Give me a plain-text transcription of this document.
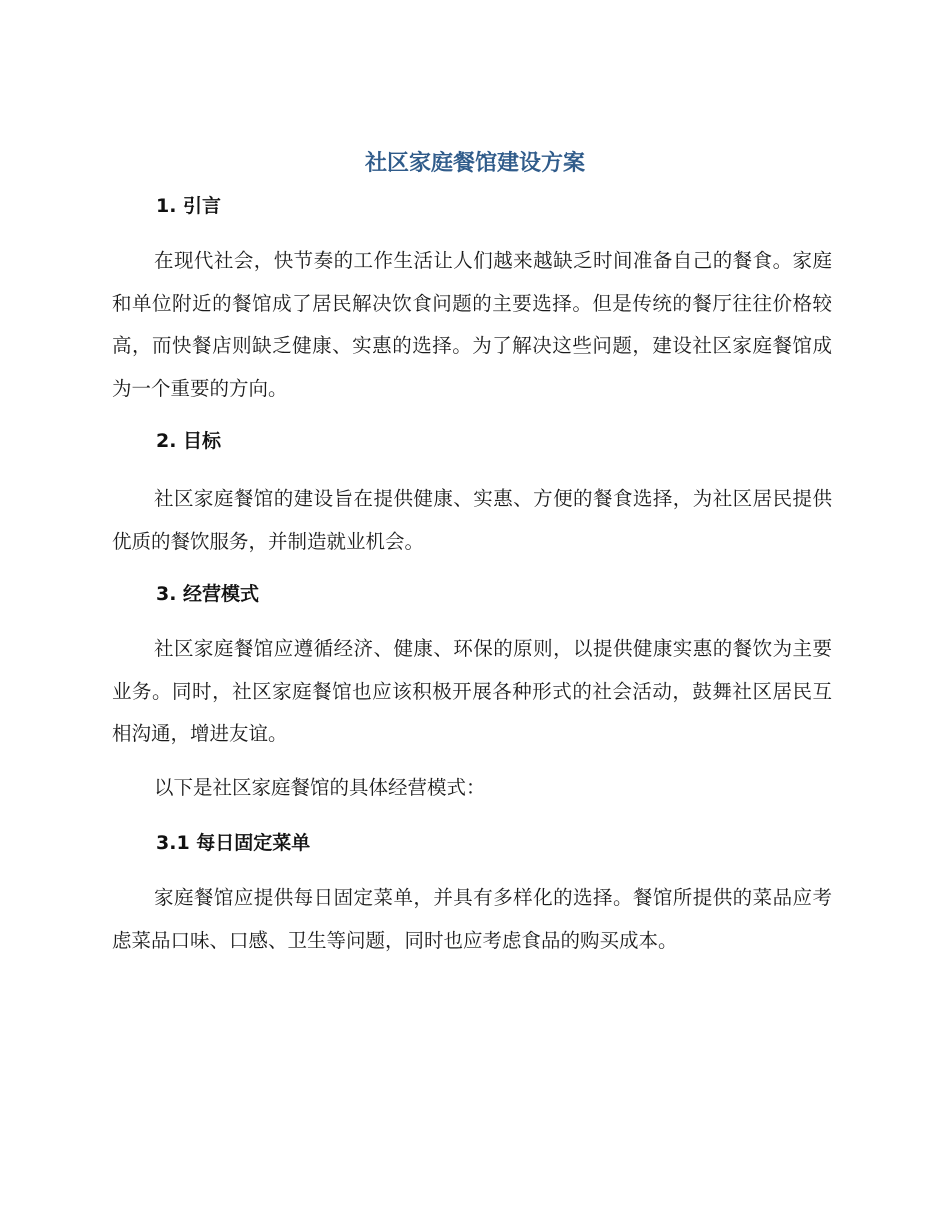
社区家庭餐馆建设方案
1. 引言

在现代社会，快节奏的工作生活让人们越来越缺乏时间准备自己的餐食。家庭和单位附近的餐馆成了居民解决饮食问题的主要选择。但是传统的餐厅往往价格较高，而快餐店则缺乏健康、实惠的选择。为了解决这些问题，建设社区家庭餐馆成为一个重要的方向。

2. 目标

社区家庭餐馆的建设旨在提供健康、实惠、方便的餐食选择，为社区居民提供优质的餐饮服务，并制造就业机会。

3. 经营模式

社区家庭餐馆应遵循经济、健康、环保的原则，以提供健康实惠的餐饮为主要业务。同时，社区家庭餐馆也应该积极开展各种形式的社会活动，鼓舞社区居民互相沟通，增进友谊。

以下是社区家庭餐馆的具体经营模式：

3.1 每日固定菜单

家庭餐馆应提供每日固定菜单，并具有多样化的选择。餐馆所提供的菜品应考虑菜品口味、口感、卫生等问题，同时也应考虑食品的购买成本。
